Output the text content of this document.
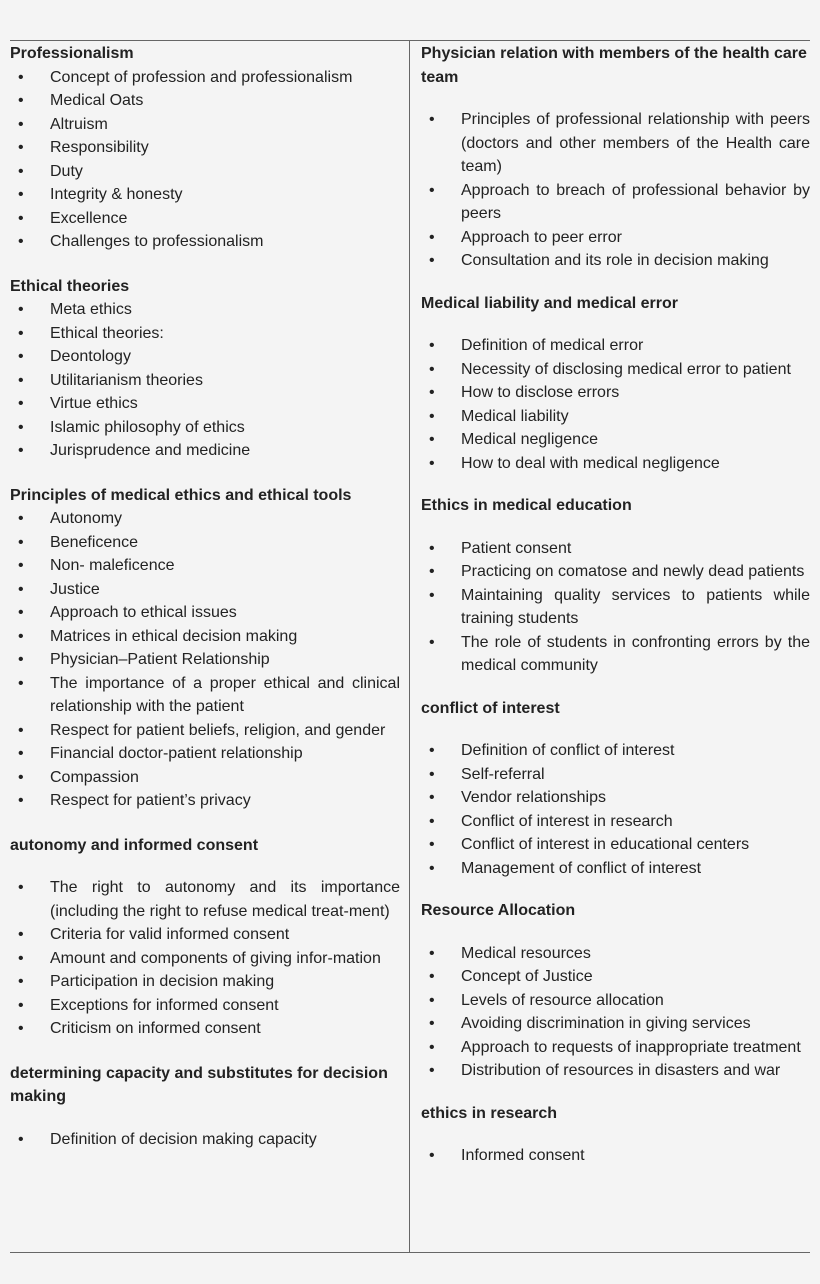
Professionalism
• Concept of profession and professionalism
• Medical Oats
• Altruism
• Responsibility
• Duty
• Integrity & honesty
• Excellence
• Challenges to professionalism
Ethical theories
• Meta ethics
• Ethical theories:
• Deontology
• Utilitarianism theories
• Virtue ethics
• Islamic philosophy of ethics
• Jurisprudence and medicine
Principles of medical ethics and ethical tools
• Autonomy
• Beneficence
• Non- maleficence
• Justice
• Approach to ethical issues
• Matrices in ethical decision making
• Physician–Patient Relationship
• The importance of a proper ethical and clinical relationship with the patient
• Respect for patient beliefs, religion, and gender
• Financial doctor-patient relationship
• Compassion
• Respect for patient’s privacy
autonomy and informed consent
• The right to autonomy and its importance (including the right to refuse medical treat-ment)
• Criteria for valid informed consent
• Amount and components of giving infor-mation
• Participation in decision making
• Exceptions for informed consent
• Criticism on informed consent
determining capacity and substitutes for decision making
• Definition of decision making capacity
Physician relation with members of the health care team
• Principles of professional relationship with peers (doctors and other members of the Health care team)
• Approach to breach of professional behavior by peers
• Approach to peer error
• Consultation and its role in decision making
Medical liability and medical error
• Definition of medical error
• Necessity of disclosing medical error to patient
• How to disclose errors
• Medical liability
• Medical negligence
• How to deal with medical negligence
Ethics in medical education
• Patient consent
• Practicing on comatose and newly dead patients
• Maintaining quality services to patients while training students
• The role of students in confronting errors by the medical community
conflict of interest
• Definition of conflict of interest
• Self-referral
• Vendor relationships
• Conflict of interest in research
• Conflict of interest in educational centers
• Management of conflict of interest
Resource Allocation
• Medical resources
• Concept of Justice
• Levels of resource allocation
• Avoiding discrimination in giving services
• Approach to requests of inappropriate treatment
• Distribution of resources in disasters and war
ethics in research
• Informed consent
